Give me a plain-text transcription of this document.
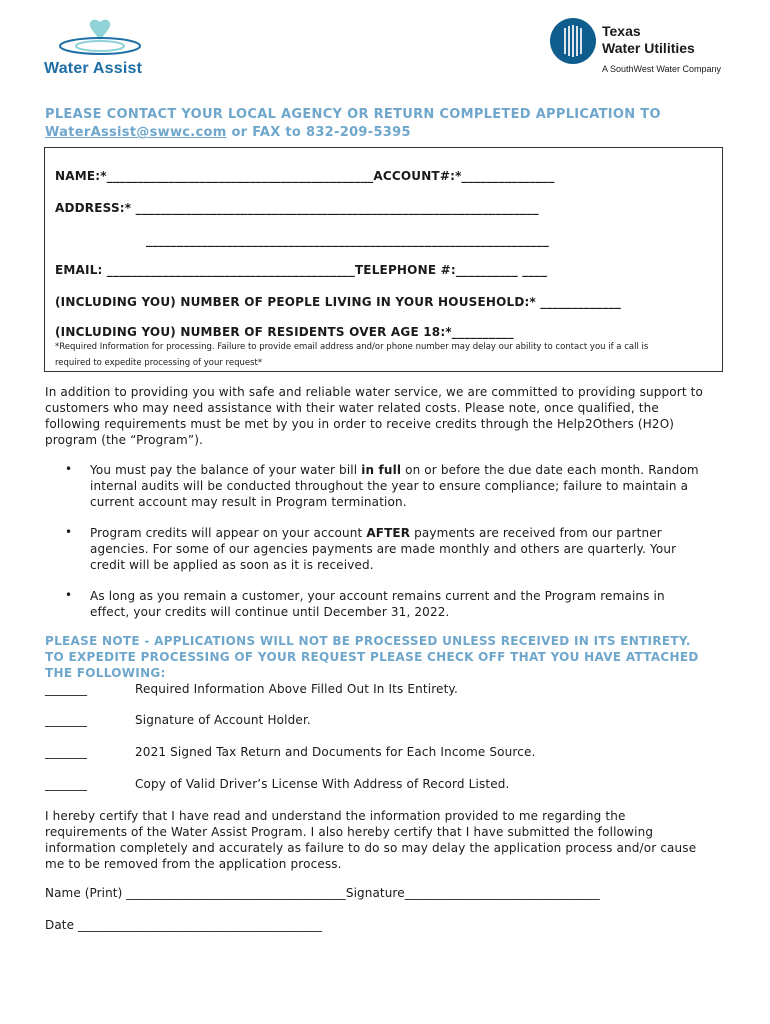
Water Assist
Texas
Water Utilities
A SouthWest Water Company
PLEASE CONTACT YOUR LOCAL AGENCY OR RETURN COMPLETED APPLICATION TO
WaterAssist@swwc.com or FAX to 832-209-5395
NAME:*___________________________________________ACCOUNT#:*_______________
ADDRESS:* _________________________________________________________________
_________________________________________________________________
EMAIL: ________________________________________TELEPHONE #:__________ ____
(INCLUDING YOU) NUMBER OF PEOPLE LIVING IN YOUR HOUSEHOLD:* _____________
(INCLUDING YOU) NUMBER OF RESIDENTS OVER AGE 18:*__________
*Required Information for processing. Failure to provide email address and/or phone number may delay our ability to contact you if a call is
required to expedite processing of your request*
In addition to providing you with safe and reliable water service, we are committed to providing support to
customers who may need assistance with their water related costs. Please note, once qualified, the
following requirements must be met by you in order to receive credits through the Help2Others (H2O)
program (the “Program”).
• You must pay the balance of your water bill in full on or before the due date each month. Random
internal audits will be conducted throughout the year to ensure compliance; failure to maintain a
current account may result in Program termination.
• Program credits will appear on your account AFTER payments are received from our partner
agencies. For some of our agencies payments are made monthly and others are quarterly. Your
credit will be applied as soon as it is received.
• As long as you remain a customer, your account remains current and the Program remains in
effect, your credits will continue until December 31, 2022.
PLEASE NOTE - APPLICATIONS WILL NOT BE PROCESSED UNLESS RECEIVED IN ITS ENTIRETY.
TO EXPEDITE PROCESSING OF YOUR REQUEST PLEASE CHECK OFF THAT YOU HAVE ATTACHED
THE FOLLOWING:
_______	Required Information Above Filled Out In Its Entirety.
_______	Signature of Account Holder.
_______	2021 Signed Tax Return and Documents for Each Income Source.
_______	Copy of Valid Driver’s License With Address of Record Listed.
I hereby certify that I have read and understand the information provided to me regarding the
requirements of the Water Assist Program. I also hereby certify that I have submitted the following
information completely and accurately as failure to do so may delay the application process and/or cause
me to be removed from the application process.
Name (Print) ____________________________________Signature________________________________
Date ________________________________________
